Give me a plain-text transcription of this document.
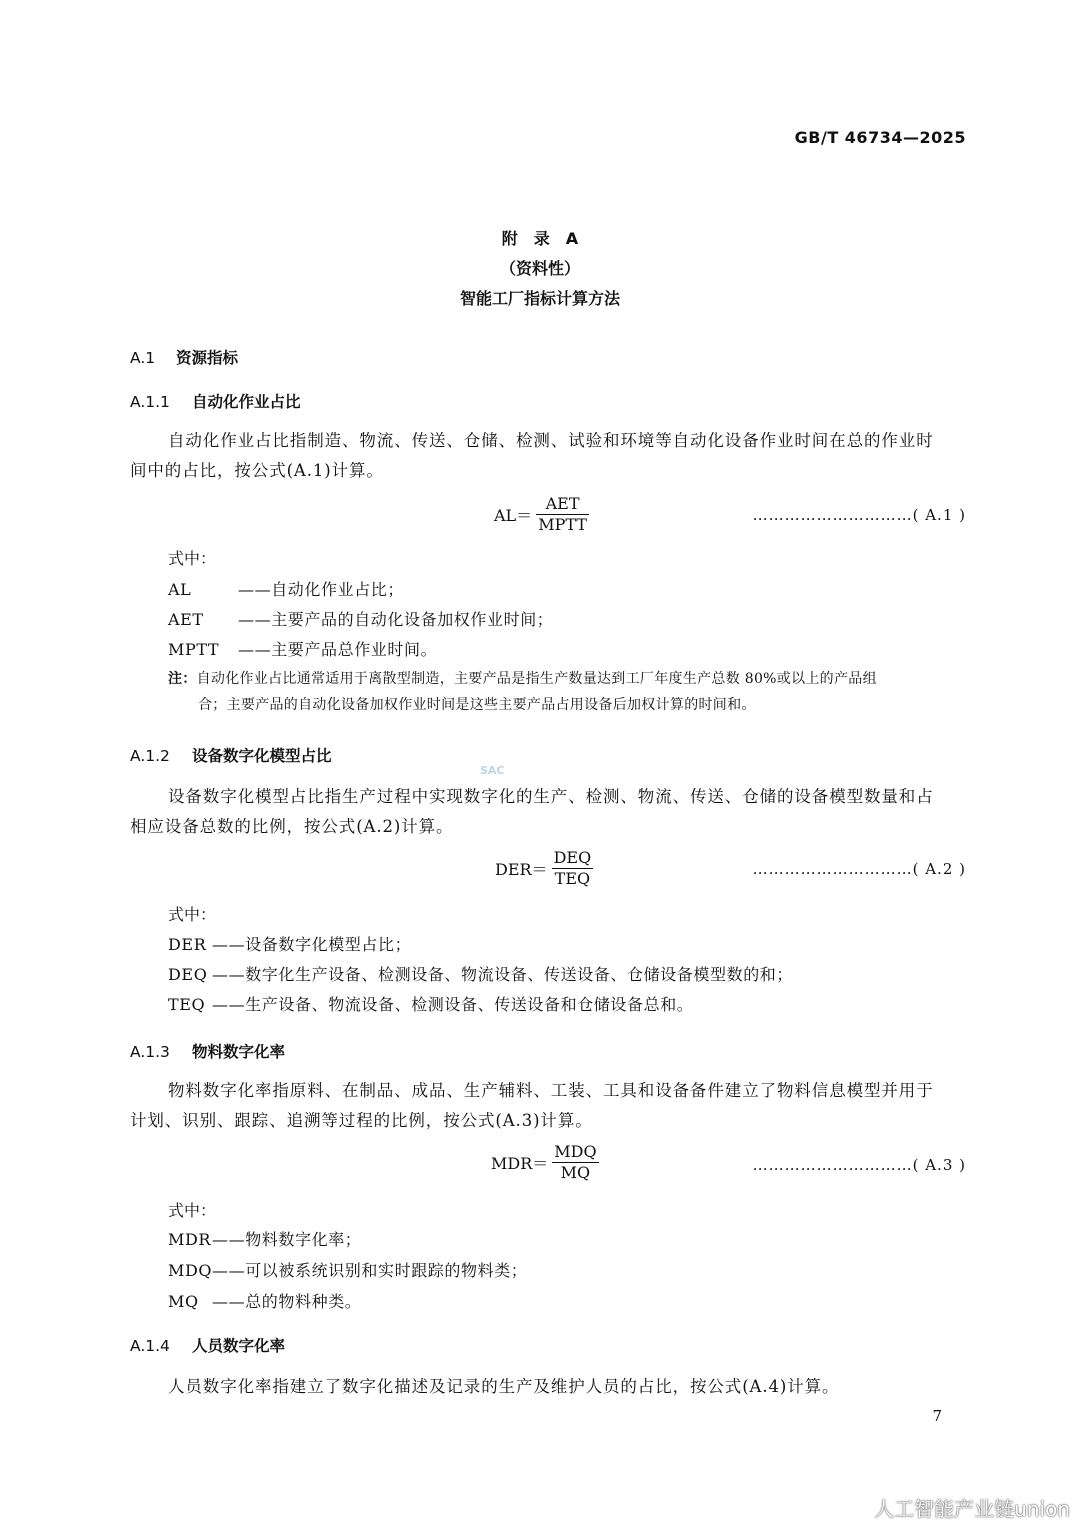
GB/T 46734—2025
附　录　A
（资料性）
智能工厂指标计算方法
A.1 资源指标
A.1.1 自动化作业占比
自动化作业占比指制造、物流、传送、仓储、检测、试验和环境等自动化设备作业时间在总的作业时
间中的占比，按公式(A.1)计算。
$AL= \frac{\text{AET}}{\text{MPTT}}$	…………………………( A.1 )
式中：
AL	——自动化作业占比；
AET ——主要产品的自动化设备加权作业时间；
MPTT ——主要产品总作业时间。
注：自动化作业占比通常适用于离散型制造，主要产品是指生产数量达到工厂年度生产总数 80%或以上的产品组
合；主要产品的自动化设备加权作业时间是这些主要产品占用设备后加权计算的时间和。
A.1.2 设备数字化模型占比
SAC
设备数字化模型占比指生产过程中实现数字化的生产、检测、物流、传送、仓储的设备模型数量和占
相应设备总数的比例，按公式(A.2)计算。
$DER= \frac{\text{DEQ}}{\text{TEQ}}$	…………………………( A.2 )
式中：
DER ——设备数字化模型占比；
DEQ ——数字化生产设备、检测设备、物流设备、传送设备、仓储设备模型数的和；
TEQ ——生产设备、物流设备、检测设备、传送设备和仓储设备总和。
A.1.3 物料数字化率
物料数字化率指原料、在制品、成品、生产辅料、工装、工具和设备备件建立了物料信息模型并用于
计划、识别、跟踪、追溯等过程的比例，按公式(A.3)计算。
$MDR= \frac{\text{MDQ}}{MQ}$	…………………………( A.3 )
式中：
MDR——物料数字化率；
MDQ——可以被系统识别和实时跟踪的物料类；
MQ ——总的物料种类。
A.1.4 人员数字化率
人员数字化率指建立了数字化描述及记录的生产及维护人员的占比，按公式(A.4)计算。
7
人工智能产业链union
